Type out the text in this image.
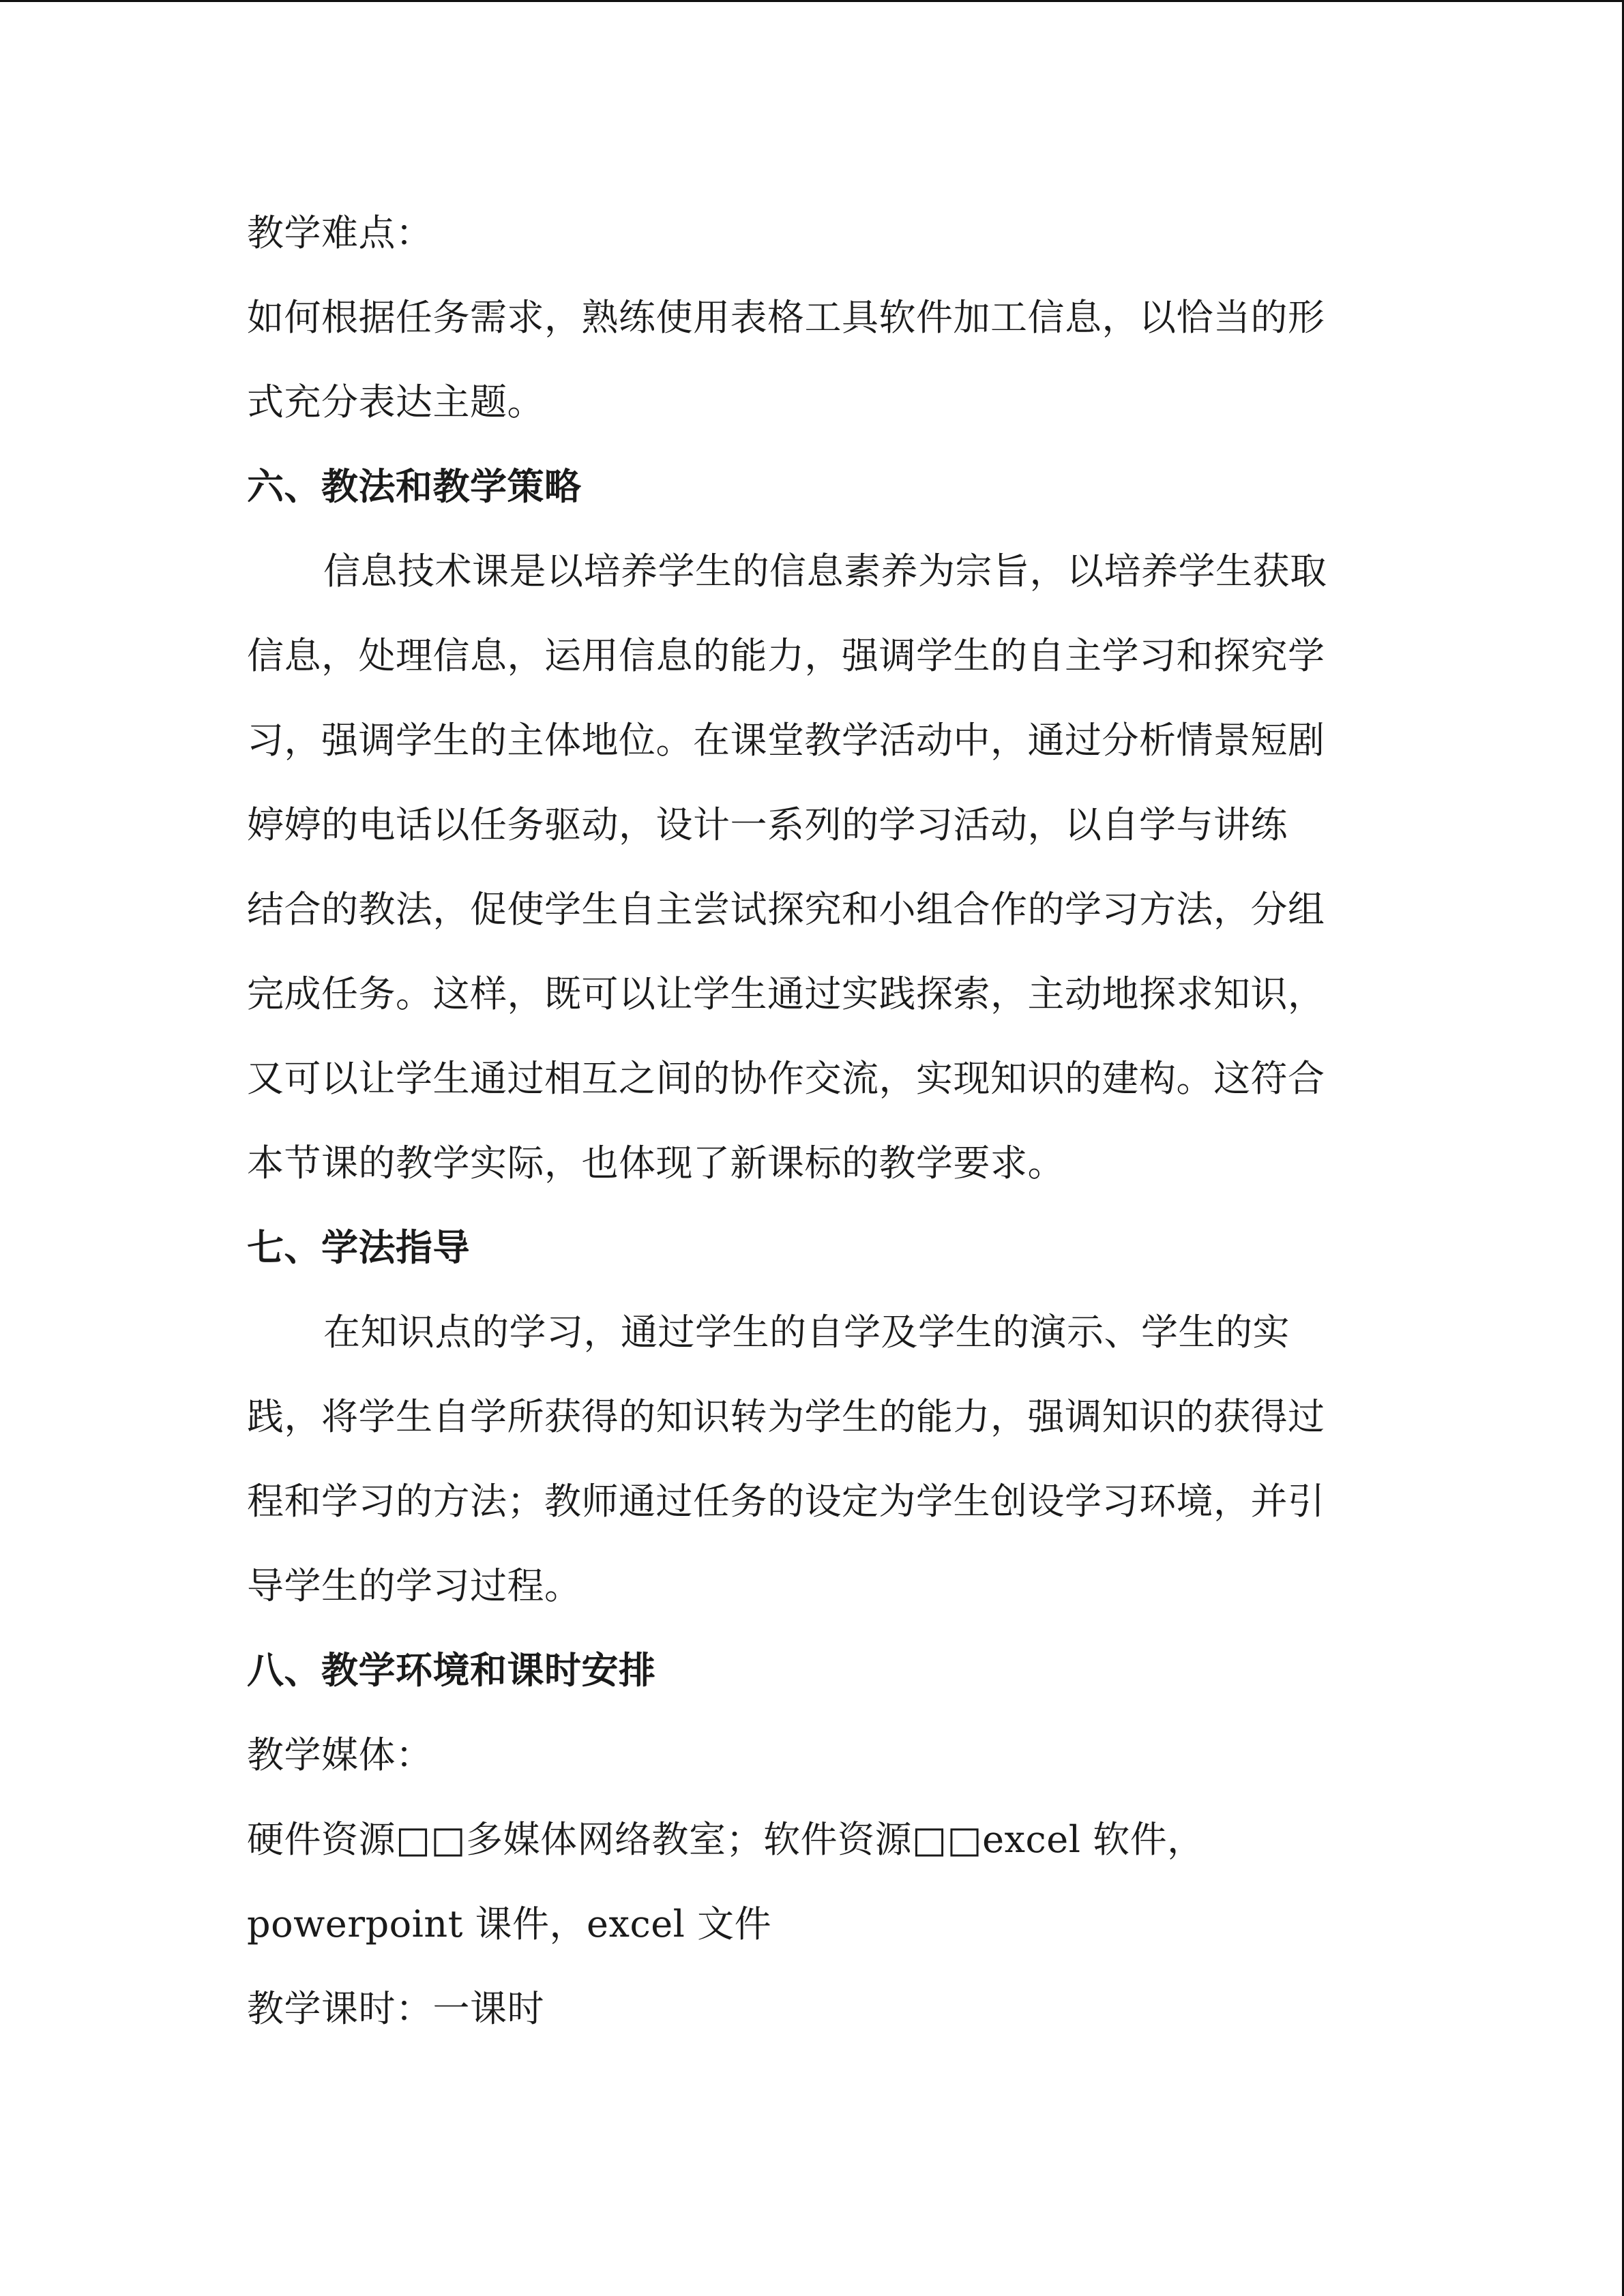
教学难点：
如何根据任务需求，熟练使用表格工具软件加工信息，以恰当的形
式充分表达主题。
六、教法和教学策略
信息技术课是以培养学生的信息素养为宗旨，以培养学生获取
信息，处理信息，运用信息的能力，强调学生的自主学习和探究学
习，强调学生的主体地位。在课堂教学活动中，通过分析情景短剧
婷婷的电话以任务驱动，设计一系列的学习活动，以自学与讲练
结合的教法，促使学生自主尝试探究和小组合作的学习方法，分组
完成任务。这样，既可以让学生通过实践探索，主动地探求知识，
又可以让学生通过相互之间的协作交流，实现知识的建构。这符合
本节课的教学实际，也体现了新课标的教学要求。
七、学法指导
在知识点的学习，通过学生的自学及学生的演示、学生的实
践，将学生自学所获得的知识转为学生的能力，强调知识的获得过
程和学习的方法；教师通过任务的设定为学生创设学习环境，并引
导学生的学习过程。
八、教学环境和课时安排
教学媒体：
硬件资源□□多媒体网络教室；软件资源□□excel 软件，
powerpoint 课件，excel 文件
教学课时：一课时
